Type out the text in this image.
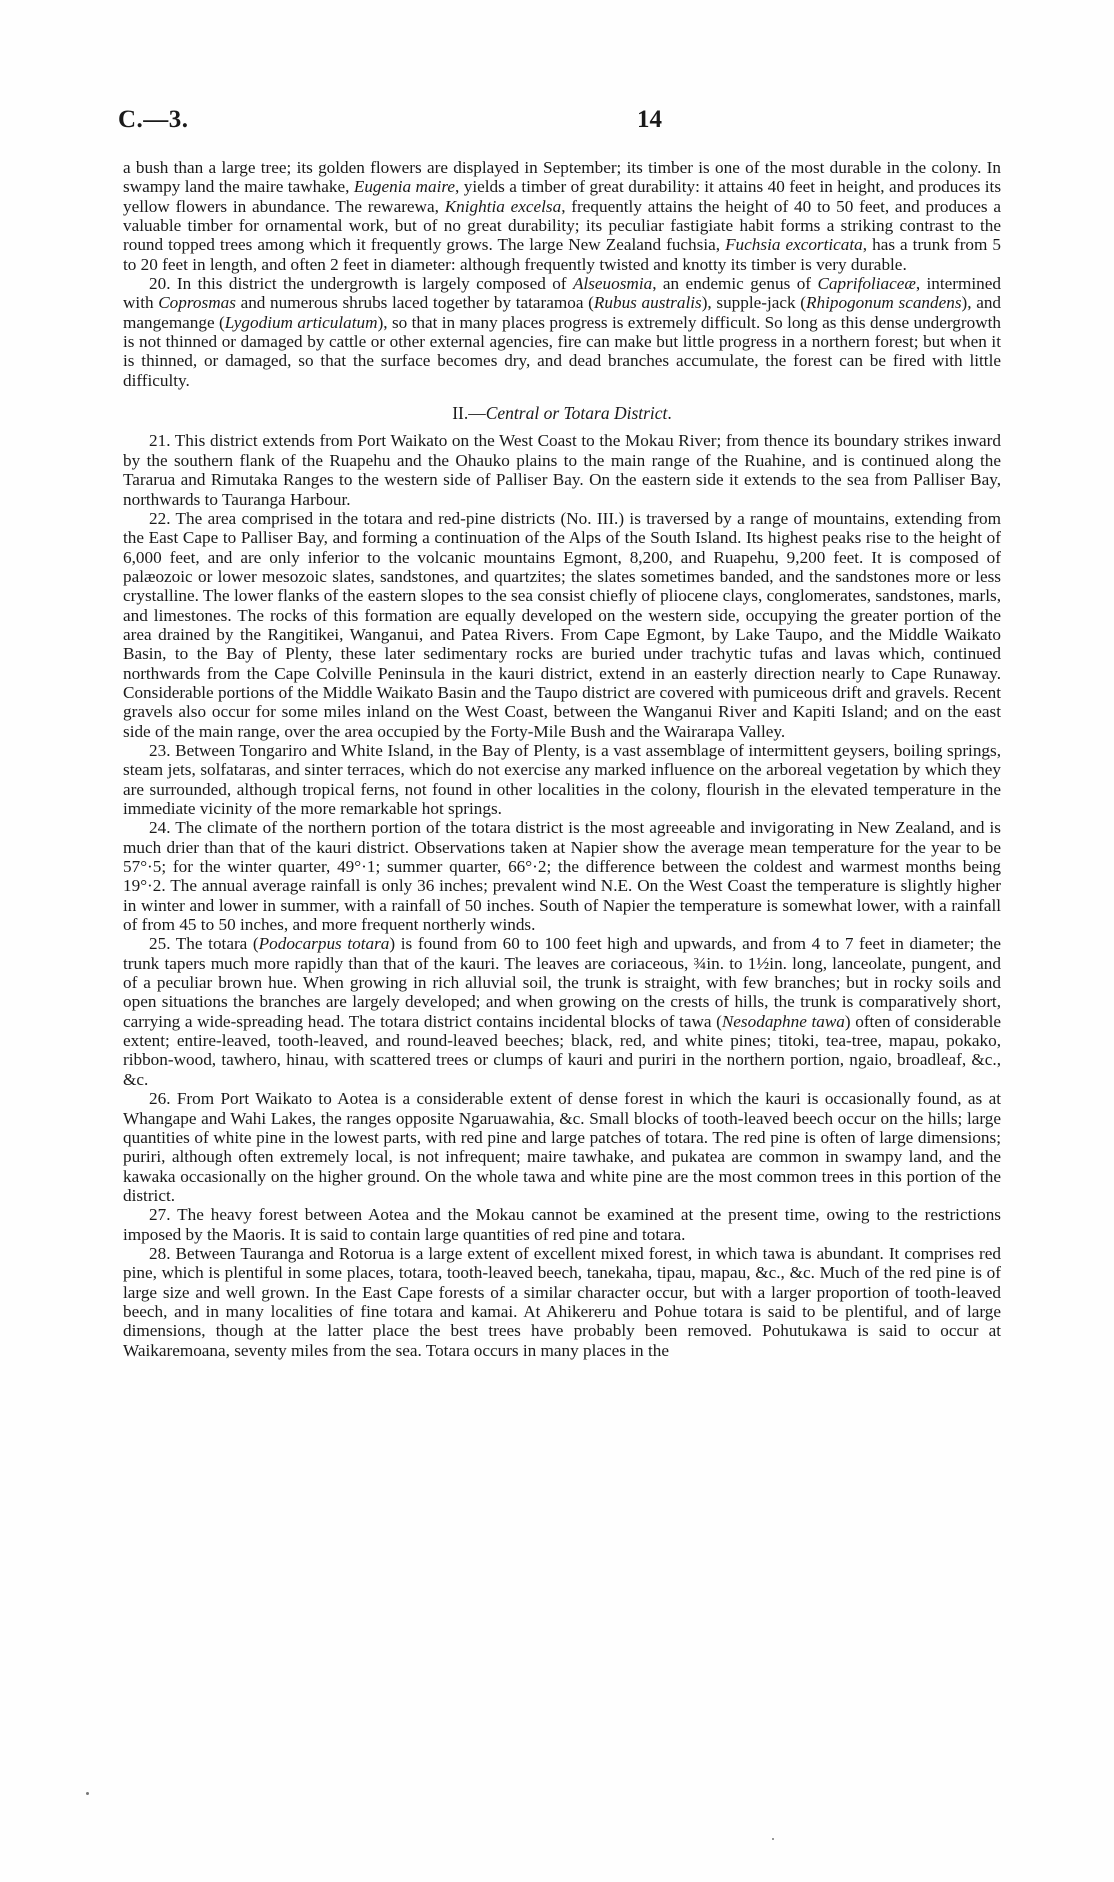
C.—3.	14

a bush than a large tree; its golden flowers are displayed in September; its timber is one of the most durable in the colony. In swampy land the maire tawhake, Eugenia maire, yields a timber of great durability: it attains 40 feet in height, and produces its yellow flowers in abundance. The rewarewa, Knightia excelsa, frequently attains the height of 40 to 50 feet, and produces a valuable timber for ornamental work, but of no great durability; its peculiar fastigiate habit forms a striking contrast to the round topped trees among which it frequently grows. The large New Zealand fuchsia, Fuchsia excorticata, has a trunk from 5 to 20 feet in length, and often 2 feet in diameter: although frequently twisted and knotty its timber is very durable.

20. In this district the undergrowth is largely composed of Alseuosmia, an endemic genus of Caprifoliaceæ, intermined with Coprosmas and numerous shrubs laced together by tataramoa (Rubus australis), supple-jack (Rhipogonum scandens), and mangemange (Lygodium articulatum), so that in many places progress is extremely difficult. So long as this dense undergrowth is not thinned or damaged by cattle or other external agencies, fire can make but little progress in a northern forest; but when it is thinned, or damaged, so that the surface becomes dry, and dead branches accumulate, the forest can be fired with little difficulty.

II.—Central or Totara District.

21. This district extends from Port Waikato on the West Coast to the Mokau River; from thence its boundary strikes inward by the southern flank of the Ruapehu and the Ohauko plains to the main range of the Ruahine, and is continued along the Tararua and Rimutaka Ranges to the western side of Palliser Bay. On the eastern side it extends to the sea from Palliser Bay, northwards to Tauranga Harbour.

22. The area comprised in the totara and red-pine districts (No. III.) is traversed by a range of mountains, extending from the East Cape to Palliser Bay, and forming a continuation of the Alps of the South Island. Its highest peaks rise to the height of 6,000 feet, and are only inferior to the volcanic mountains Egmont, 8,200, and Ruapehu, 9,200 feet. It is composed of palæozoic or lower mesozoic slates, sandstones, and quartzites; the slates sometimes banded, and the sandstones more or less crystalline. The lower flanks of the eastern slopes to the sea consist chiefly of pliocene clays, conglomerates, sandstones, marls, and limestones. The rocks of this formation are equally developed on the western side, occupying the greater portion of the area drained by the Rangitikei, Wanganui, and Patea Rivers. From Cape Egmont, by Lake Taupo, and the Middle Waikato Basin, to the Bay of Plenty, these later sedimentary rocks are buried under trachytic tufas and lavas which, continued northwards from the Cape Colville Peninsula in the kauri district, extend in an easterly direction nearly to Cape Runaway. Considerable portions of the Middle Waikato Basin and the Taupo district are covered with pumiceous drift and gravels. Recent gravels also occur for some miles inland on the West Coast, between the Wanganui River and Kapiti Island; and on the east side of the main range, over the area occupied by the Forty-Mile Bush and the Wairarapa Valley.

23. Between Tongariro and White Island, in the Bay of Plenty, is a vast assemblage of intermittent geysers, boiling springs, steam jets, solfataras, and sinter terraces, which do not exercise any marked influence on the arboreal vegetation by which they are surrounded, although tropical ferns, not found in other localities in the colony, flourish in the elevated temperature in the immediate vicinity of the more remarkable hot springs.

24. The climate of the northern portion of the totara district is the most agreeable and invigorating in New Zealand, and is much drier than that of the kauri district. Observations taken at Napier show the average mean temperature for the year to be 57°·5; for the winter quarter, 49°·1; summer quarter, 66°·2; the difference between the coldest and warmest months being 19°·2. The annual average rainfall is only 36 inches; prevalent wind N.E. On the West Coast the temperature is slightly higher in winter and lower in summer, with a rainfall of 50 inches. South of Napier the temperature is somewhat lower, with a rainfall of from 45 to 50 inches, and more frequent northerly winds.

25. The totara (Podocarpus totara) is found from 60 to 100 feet high and upwards, and from 4 to 7 feet in diameter; the trunk tapers much more rapidly than that of the kauri. The leaves are coriaceous, ¾in. to 1½in. long, lanceolate, pungent, and of a peculiar brown hue. When growing in rich alluvial soil, the trunk is straight, with few branches; but in rocky soils and open situations the branches are largely developed; and when growing on the crests of hills, the trunk is comparatively short, carrying a wide-spreading head. The totara district contains incidental blocks of tawa (Nesodaphne tawa) often of considerable extent; entire-leaved, tooth-leaved, and round-leaved beeches; black, red, and white pines; titoki, tea-tree, mapau, pokako, ribbon-wood, tawhero, hinau, with scattered trees or clumps of kauri and puriri in the northern portion, ngaio, broadleaf, &c., &c.

26. From Port Waikato to Aotea is a considerable extent of dense forest in which the kauri is occasionally found, as at Whangape and Wahi Lakes, the ranges opposite Ngaruawahia, &c. Small blocks of tooth-leaved beech occur on the hills; large quantities of white pine in the lowest parts, with red pine and large patches of totara. The red pine is often of large dimensions; puriri, although often extremely local, is not infrequent; maire tawhake, and pukatea are common in swampy land, and the kawaka occasionally on the higher ground. On the whole tawa and white pine are the most common trees in this portion of the district.

27. The heavy forest between Aotea and the Mokau cannot be examined at the present time, owing to the restrictions imposed by the Maoris. It is said to contain large quantities of red pine and totara.

28. Between Tauranga and Rotorua is a large extent of excellent mixed forest, in which tawa is abundant. It comprises red pine, which is plentiful in some places, totara, tooth-leaved beech, tanekaha, tipau, mapau, &c., &c. Much of the red pine is of large size and well grown. In the East Cape forests of a similar character occur, but with a larger proportion of tooth-leaved beech, and in many localities of fine totara and kamai. At Ahikereru and Pohue totara is said to be plentiful, and of large dimensions, though at the latter place the best trees have probably been removed. Pohutukawa is said to occur at Waikaremoana, seventy miles from the sea. Totara occurs in many places in the
